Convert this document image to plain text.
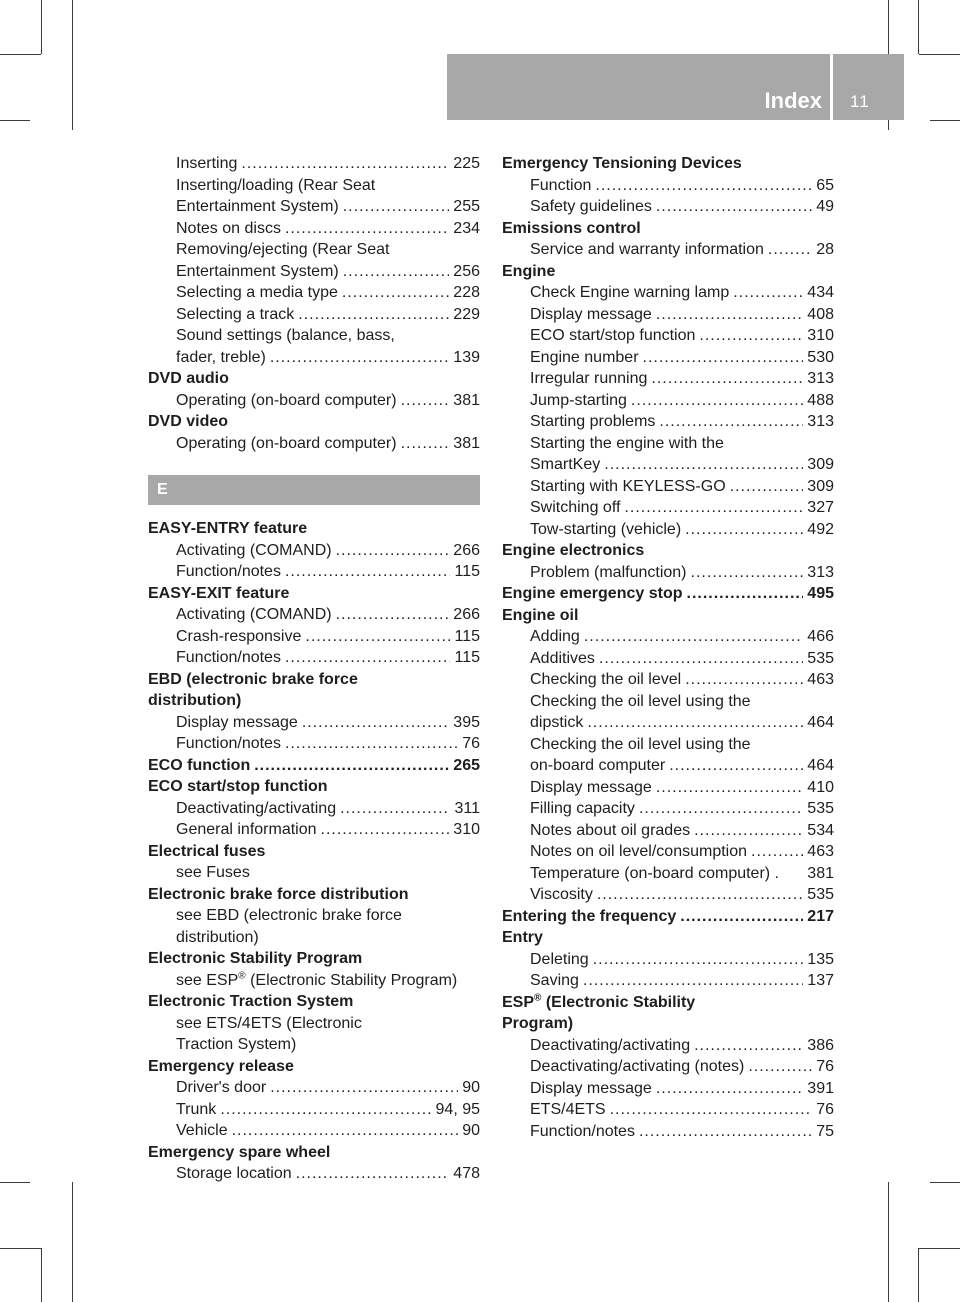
Index 11
Inserting .....	225
Inserting/loading (Rear Seat
Entertainment System) .....	255
Notes on discs .....	234
Removing/ejecting (Rear Seat
Entertainment System) .....	256
Selecting a media type .....	228
Selecting a track .....	229
Sound settings (balance, bass,
fader, treble) .....	139
DVD audio
Operating (on-board computer) .....	381
DVD video
Operating (on-board computer) .....	381
E
EASY-ENTRY feature
Activating (COMAND) .....	266
Function/notes .....	115
EASY-EXIT feature
Activating (COMAND) .....	266
Crash-responsive .....	115
Function/notes .....	115
EBD (electronic brake force
distribution)
Display message .....	395
Function/notes .....	76
ECO function .....	265
ECO start/stop function
Deactivating/activating .....	311
General information .....	310
Electrical fuses
see Fuses
Electronic brake force distribution
see EBD (electronic brake force
distribution)
Electronic Stability Program
see ESP® (Electronic Stability Program)
Electronic Traction System
see ETS/4ETS (Electronic
Traction System)
Emergency release
Driver's door .....	90
Trunk .....	94, 95
Vehicle .....	90
Emergency spare wheel
Storage location .....	478
Emergency Tensioning Devices
Function .....	65
Safety guidelines .....	49
Emissions control
Service and warranty information .....	28
Engine
Check Engine warning lamp .....	434
Display message .....	408
ECO start/stop function .....	310
Engine number .....	530
Irregular running .....	313
Jump-starting .....	488
Starting problems .....	313
Starting the engine with the
SmartKey .....	309
Starting with KEYLESS-GO .....	309
Switching off .....	327
Tow-starting (vehicle) .....	492
Engine electronics
Problem (malfunction) .....	313
Engine emergency stop .....	495
Engine oil
Adding .....	466
Additives .....	535
Checking the oil level .....	463
Checking the oil level using the
dipstick .....	464
Checking the oil level using the
on-board computer .....	464
Display message .....	410
Filling capacity .....	535
Notes about oil grades .....	534
Notes on oil level/consumption .....	463
Temperature (on-board computer) . 381
Viscosity .....	535
Entering the frequency .....	217
Entry
Deleting .....	135
Saving .....	137
ESP® (Electronic Stability
Program)
Deactivating/activating .....	386
Deactivating/activating (notes) .....	76
Display message .....	391
ETS/4ETS .....	76
Function/notes .....	75
